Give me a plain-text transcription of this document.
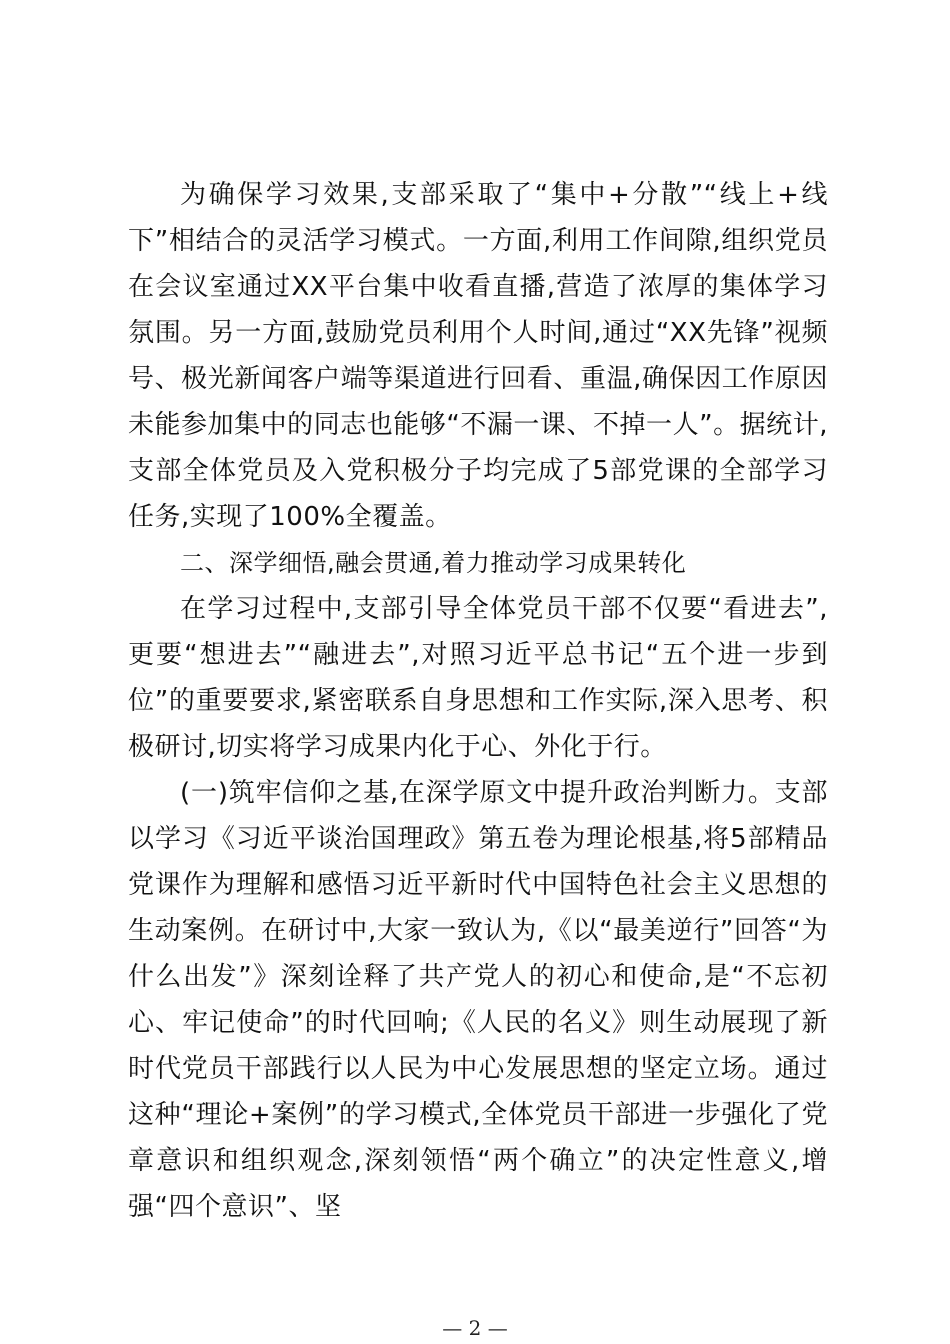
为确保学习效果,支部采取了“集中+分散”“线上+线下”相结合的灵活学习模式。一方面,利用工作间隙,组织党员在会议室通过XX平台集中收看直播,营造了浓厚的集体学习氛围。另一方面,鼓励党员利用个人时间,通过“XX先锋”视频号、极光新闻客户端等渠道进行回看、重温,确保因工作原因未能参加集中的同志也能够“不漏一课、不掉一人”。据统计,支部全体党员及入党积极分子均完成了5部党课的全部学习任务,实现了100%全覆盖。

二、深学细悟,融会贯通,着力推动学习成果转化

在学习过程中,支部引导全体党员干部不仅要“看进去”,更要“想进去”“融进去”,对照习近平总书记“五个进一步到位”的重要要求,紧密联系自身思想和工作实际,深入思考、积极研讨,切实将学习成果内化于心、外化于行。

(一)筑牢信仰之基,在深学原文中提升政治判断力。支部以学习《习近平谈治国理政》第五卷为理论根基,将5部精品党课作为理解和感悟习近平新时代中国特色社会主义思想的生动案例。在研讨中,大家一致认为,《以“最美逆行”回答“为什么出发”》深刻诠释了共产党人的初心和使命,是“不忘初心、牢记使命”的时代回响;《人民的名义》则生动展现了新时代党员干部践行以人民为中心发展思想的坚定立场。通过这种“理论+案例”的学习模式,全体党员干部进一步强化了党章意识和组织观念,深刻领悟“两个确立”的决定性意义,增强“四个意识”、坚

— 2 —
